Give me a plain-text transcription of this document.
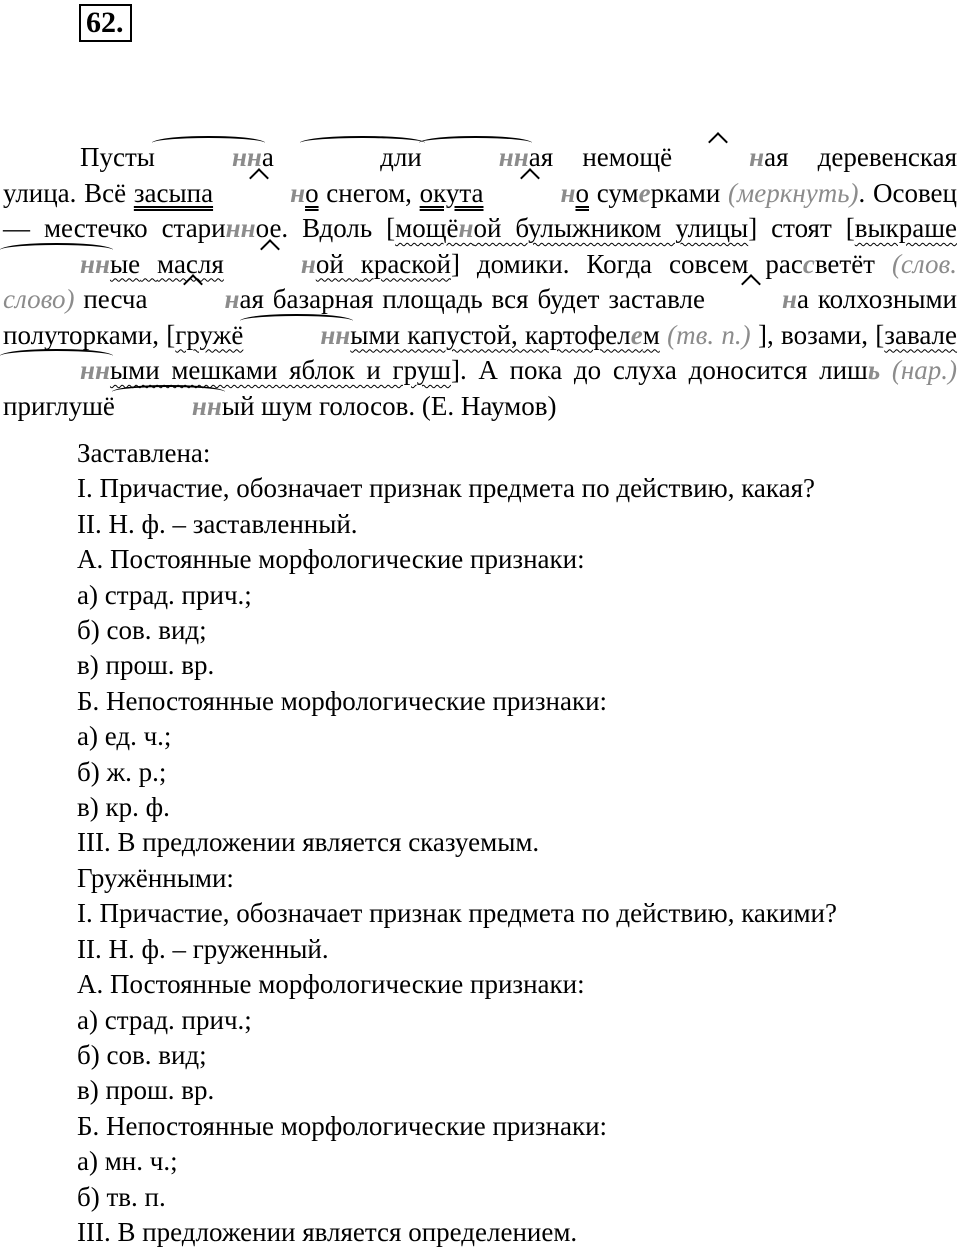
62.

Пусты	нна	дли	нная немощё	ная деревенская улица. Всё засыпа	но снегом, окута	но сумерками (меркнуть). Осовец — местечко старинное. Вдоль [мощёной булыжником улицы] стоят [выкрашенные масля	ной краской] домики. Когда совсем рассветёт (слов. слово) песча	ная базарная площадь вся будет заставле	на колхозными полуторками, [гружё	нными капустой, картофелем (тв. п.) ], возами, [заваленными мешками яблок и груш]. А пока до слуха доносится лишь (нар.) приглушё	нный шум голосов. (Е. Наумов)

Заставлена:
I. Причастие, обозначает признак предмета по действию, какая?
II. Н. ф. – заставленный.
А. Постоянные морфологические признаки:
а) страд. прич.;
б) сов. вид;
в) прош. вр.
Б. Непостоянные морфологические признаки:
а) ед. ч.;
б) ж. р.;
в) кр. ф.
III. В предложении является сказуемым.
Гружёнными:
I. Причастие, обозначает признак предмета по действию, какими?
II. Н. ф. – груженный.
А. Постоянные морфологические признаки:
а) страд. прич.;
б) сов. вид;
в) прош. вр.
Б. Непостоянные морфологические признаки:
а) мн. ч.;
б) тв. п.
III. В предложении является определением.
